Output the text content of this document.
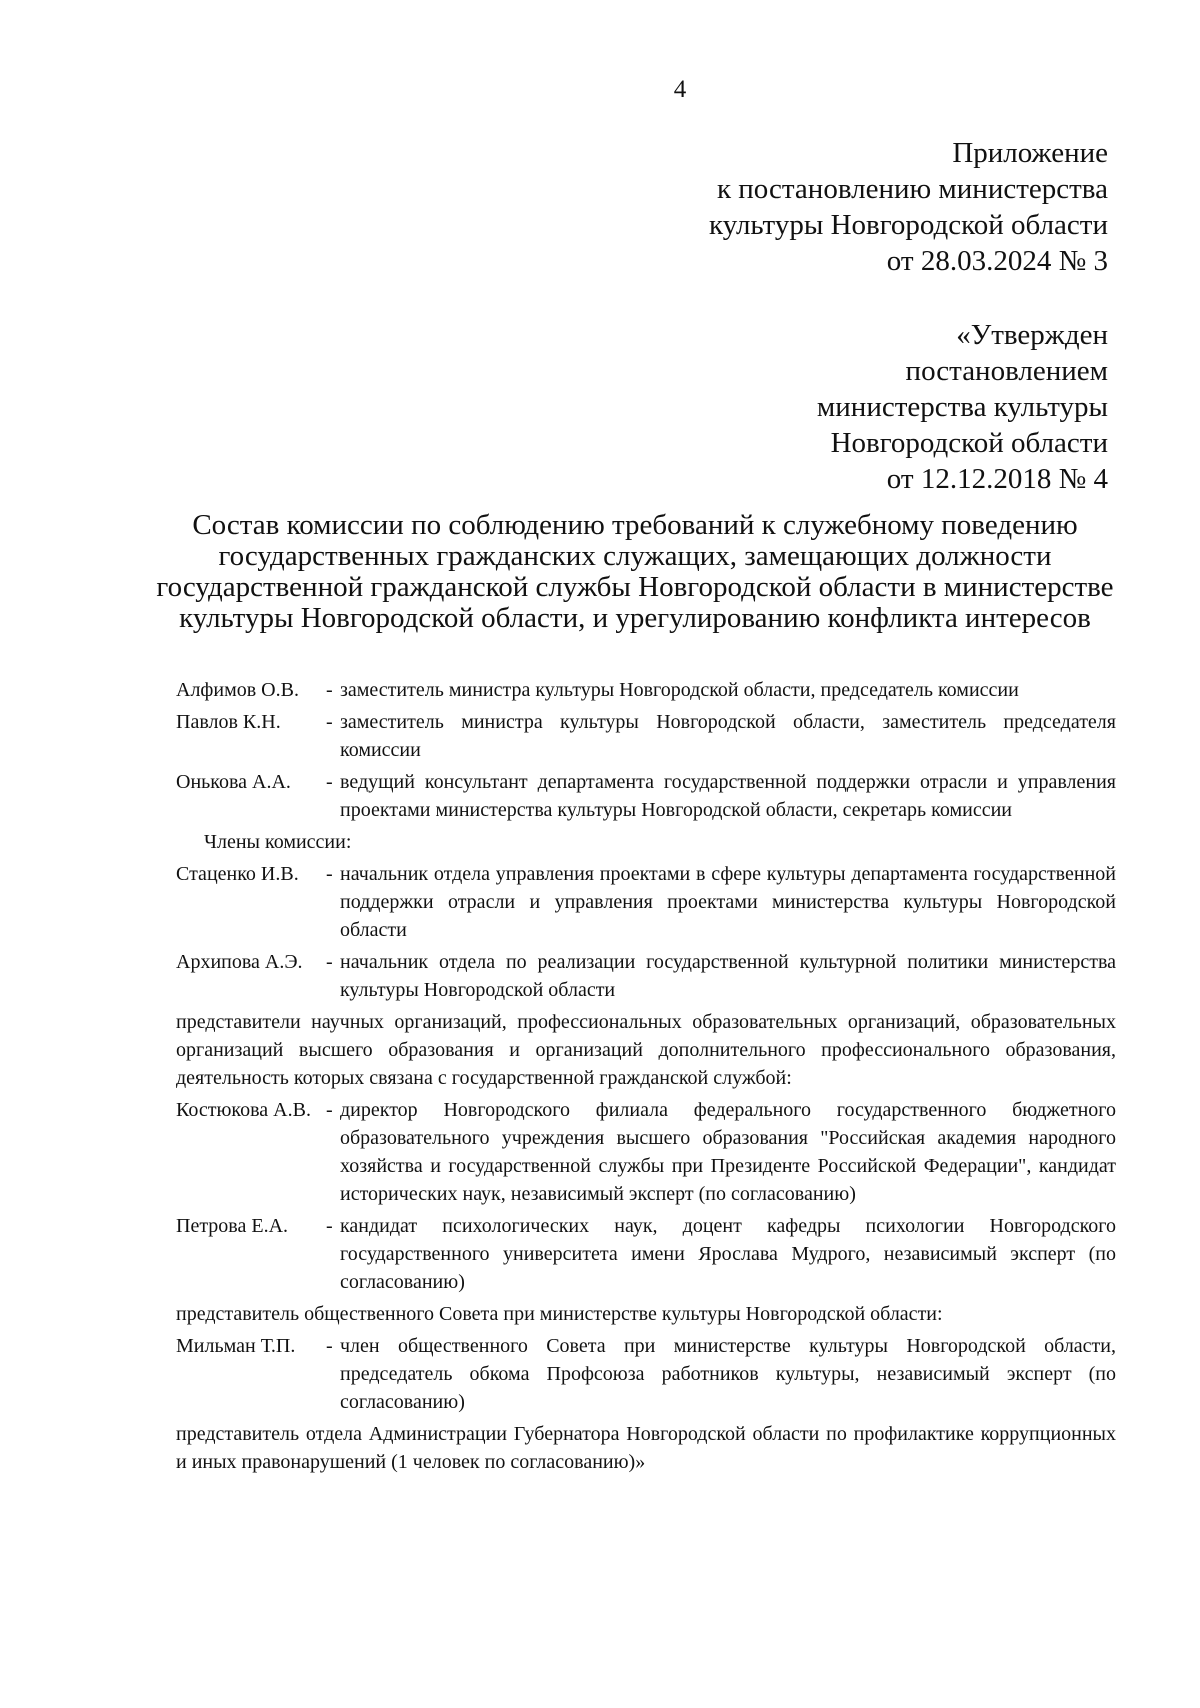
4
Приложение
к постановлению министерства
культуры Новгородской области
от 28.03.2024 № 3
«Утвержден
постановлением
министерства культуры
Новгородской области
от 12.12.2018 № 4
Состав комиссии по соблюдению требований к служебному поведению
государственных гражданских служащих, замещающих должности
государственной гражданской службы Новгородской области в министерстве
культуры Новгородской области, и урегулированию конфликта интересов
Алфимов О.В.	- заместитель министра культуры Новгородской области, председатель комиссии
Павлов К.Н.	- заместитель министра культуры Новгородской области, заместитель председателя комиссии
Онькова А.А.	- ведущий консультант департамента государственной поддержки отрасли и управления проектами министерства культуры Новгородской области, секретарь комиссии
Члены комиссии:
Стаценко И.В.	- начальник отдела управления проектами в сфере культуры департамента государственной поддержки отрасли и управления проектами министерства культуры Новгородской области
Архипова А.Э.	- начальник отдела по реализации государственной культурной политики министерства культуры Новгородской области
представители научных организаций, профессиональных образовательных организаций, образовательных организаций высшего образования и организаций дополнительного профессионального образования, деятельность которых связана с государственной гражданской службой:
Костюкова А.В. - директор Новгородского филиала федерального государственного бюджетного образовательного учреждения высшего образования "Российская академия народного хозяйства и государственной службы при Президенте Российской Федерации", кандидат исторических наук, независимый эксперт (по согласованию)
Петрова Е.А.	- кандидат психологических наук, доцент кафедры психологии Новгородского государственного университета имени Ярослава Мудрого, независимый эксперт (по согласованию)
представитель общественного Совета при министерстве культуры Новгородской области:
Мильман Т.П.	- член общественного Совета при министерстве культуры Новгородской области, председатель обкома Профсоюза работников культуры, независимый эксперт (по согласованию)
представитель отдела Администрации Губернатора Новгородской области по профилактике коррупционных и иных правонарушений (1 человек по согласованию)»
